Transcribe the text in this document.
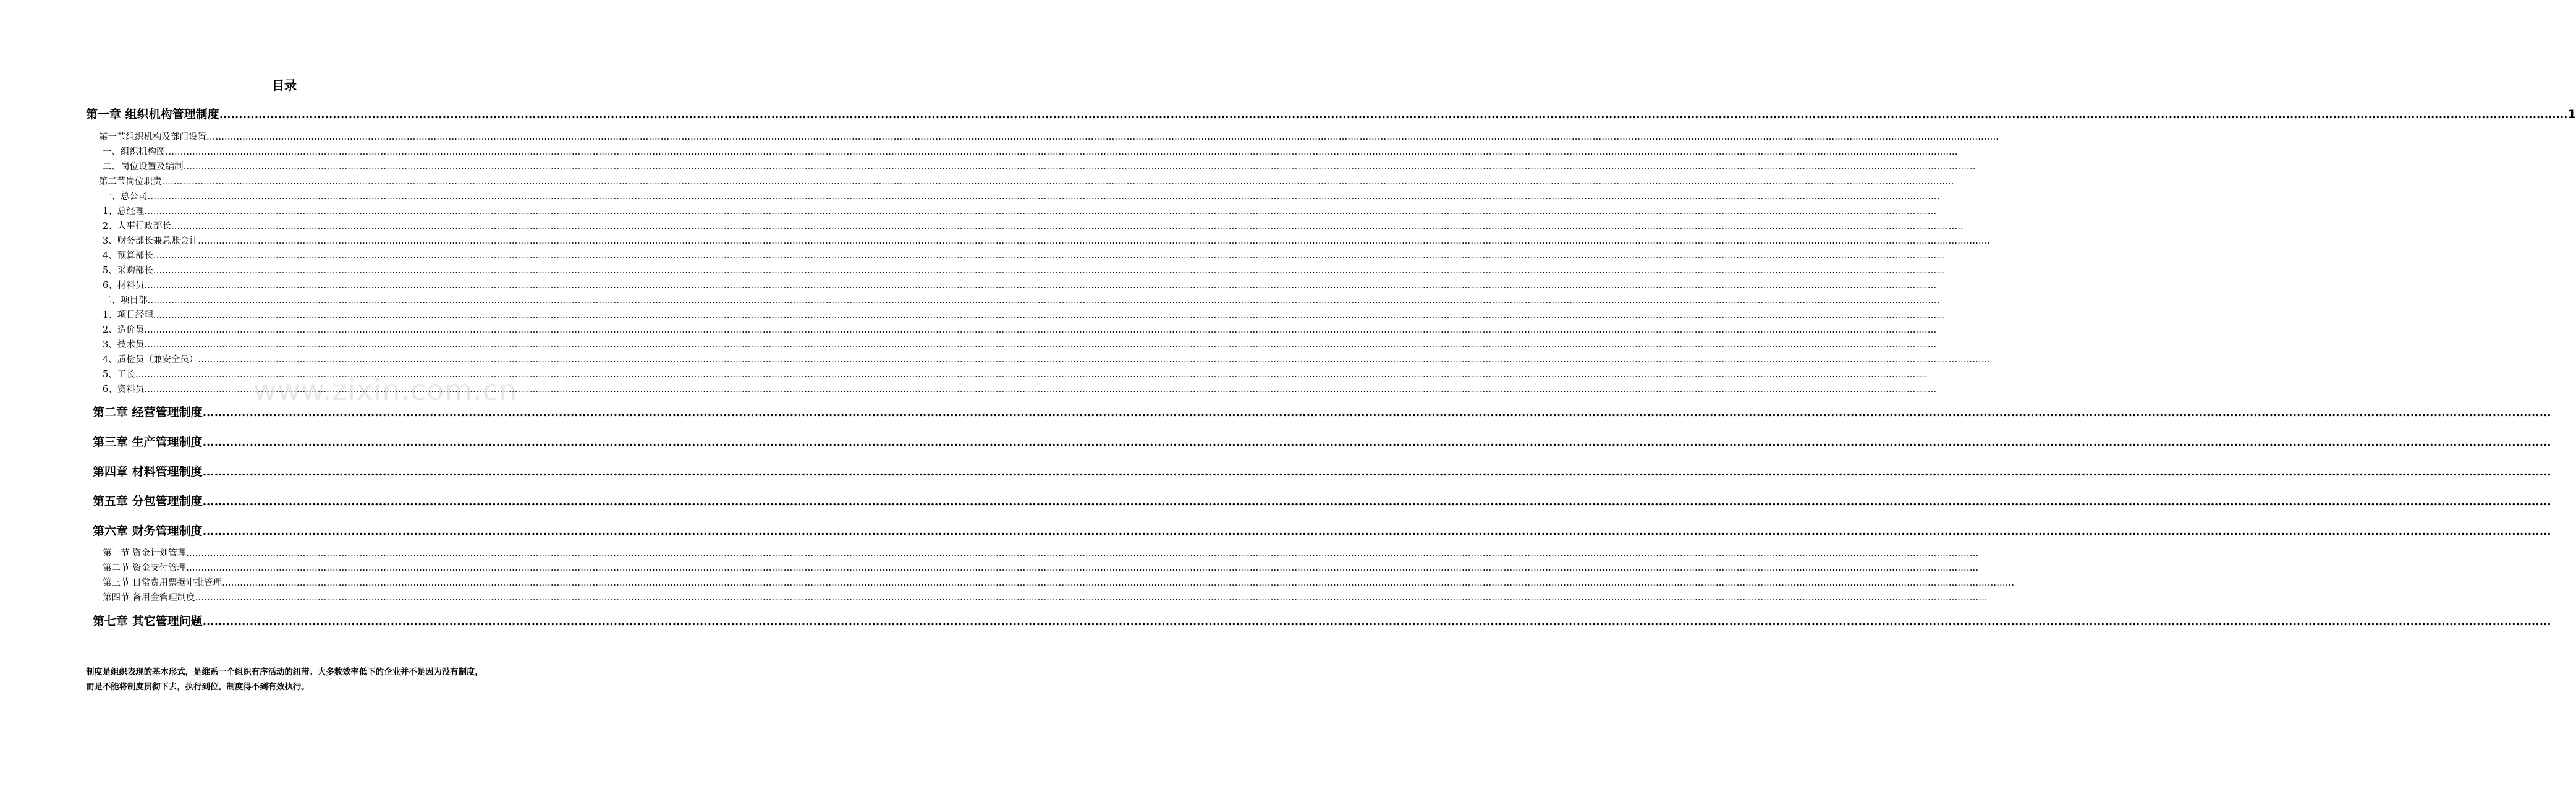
目录
第一章 组织机构管理制度 …………………………………………………………………………………………………………………………………………………………………………………………………………………………………………………………………………………………………………………………………………………………………………………………………………………………………………………………………………………………………………………………………………………… 1
第一节组织机构及部门设置 ……………………………………………………………………………………………………………………………………………………………………………………………………………………………………………………………………………………………………………………………………………………………………………………………………………………………………………………………………………………………………………………………………………………
一、组织机构图 ……………………………………………………………………………………………………………………………………………………………………………………………………………………………………………………………………………………………………………………………………………………………………………………………………………………………………………………………………………………………………………………………………………………
二、岗位设置及编制 ……………………………………………………………………………………………………………………………………………………………………………………………………………………………………………………………………………………………………………………………………………………………………………………………………………………………………………………………………………………………………………………………………………………
第二节岗位职责 ……………………………………………………………………………………………………………………………………………………………………………………………………………………………………………………………………………………………………………………………………………………………………………………………………………………………………………………………………………………………………………………………………………………
一、总公司 ……………………………………………………………………………………………………………………………………………………………………………………………………………………………………………………………………………………………………………………………………………………………………………………………………………………………………………………………………………………………………………………………………………………
1、总经理 ……………………………………………………………………………………………………………………………………………………………………………………………………………………………………………………………………………………………………………………………………………………………………………………………………………………………………………………………………………………………………………………………………………………
2、人事行政部长 ……………………………………………………………………………………………………………………………………………………………………………………………………………………………………………………………………………………………………………………………………………………………………………………………………………………………………………………………………………………………………………………………………………………
3、财务部长兼总账会计 ……………………………………………………………………………………………………………………………………………………………………………………………………………………………………………………………………………………………………………………………………………………………………………………………………………………………………………………………………………………………………………………………………………………
4、预算部长 ……………………………………………………………………………………………………………………………………………………………………………………………………………………………………………………………………………………………………………………………………………………………………………………………………………………………………………………………………………………………………………………………………………………
5、采购部长 ……………………………………………………………………………………………………………………………………………………………………………………………………………………………………………………………………………………………………………………………………………………………………………………………………………………………………………………………………………………………………………………………………………………
6、材料员 ……………………………………………………………………………………………………………………………………………………………………………………………………………………………………………………………………………………………………………………………………………………………………………………………………………………………………………………………………………………………………………………………………………………
二、项目部 ……………………………………………………………………………………………………………………………………………………………………………………………………………………………………………………………………………………………………………………………………………………………………………………………………………………………………………………………………………………………………………………………………………………
1、项目经理 ……………………………………………………………………………………………………………………………………………………………………………………………………………………………………………………………………………………………………………………………………………………………………………………………………………………………………………………………………………………………………………………………………………………
2、造价员 ……………………………………………………………………………………………………………………………………………………………………………………………………………………………………………………………………………………………………………………………………………………………………………………………………………………………………………………………………………………………………………………………………………………
3、技术员 ……………………………………………………………………………………………………………………………………………………………………………………………………………………………………………………………………………………………………………………………………………………………………………………………………………………………………………………………………………………………………………………………………………………
4、质检员（兼安全员） ……………………………………………………………………………………………………………………………………………………………………………………………………………………………………………………………………………………………………………………………………………………………………………………………………………………………………………………………………………………………………………………………………………………
5、工长 ……………………………………………………………………………………………………………………………………………………………………………………………………………………………………………………………………………………………………………………………………………………………………………………………………………………………………………………………………………………………………………………………………………………
6、资料员 ……………………………………………………………………………………………………………………………………………………………………………………………………………………………………………………………………………………………………………………………………………………………………………………………………………………………………………………………………………………………………………………………………………………
第二章 经营管理制度 ……………………………………………………………………………………………………………………………………………………………………………………………………………………………………………………………………………………………………………………………………………………………………………………………………………………………………………………………………………………………………………………………………………………
第三章 生产管理制度 ……………………………………………………………………………………………………………………………………………………………………………………………………………………………………………………………………………………………………………………………………………………………………………………………………………………………………………………………………………………………………………………………………………………
第四章 材料管理制度 ……………………………………………………………………………………………………………………………………………………………………………………………………………………………………………………………………………………………………………………………………………………………………………………………………………………………………………………………………………………………………………………………………………………
第五章 分包管理制度 ……………………………………………………………………………………………………………………………………………………………………………………………………………………………………………………………………………………………………………………………………………………………………………………………………………………………………………………………………………………………………………………………………………………
第六章 财务管理制度 ……………………………………………………………………………………………………………………………………………………………………………………………………………………………………………………………………………………………………………………………………………………………………………………………………………………………………………………………………………………………………………………………………………………
第一节 资金计划管理 ……………………………………………………………………………………………………………………………………………………………………………………………………………………………………………………………………………………………………………………………………………………………………………………………………………………………………………………………………………………………………………………………………………………
第二节 资金支付管理 ……………………………………………………………………………………………………………………………………………………………………………………………………………………………………………………………………………………………………………………………………………………………………………………………………………………………………………………………………………………………………………………………………………………
第三节 日常费用票据审批管理 ……………………………………………………………………………………………………………………………………………………………………………………………………………………………………………………………………………………………………………………………………………………………………………………………………………………………………………………………………………………………………………………………………………………
第四节 备用金管理制度 ……………………………………………………………………………………………………………………………………………………………………………………………………………………………………………………………………………………………………………………………………………………………………………………………………………………………………………………………………………………………………………………………………………………
第七章 其它管理问题 ……………………………………………………………………………………………………………………………………………………………………………………………………………………………………………………………………………………………………………………………………………………………………………………………………………………………………………………………………………………………………………………………………………………
www.zixin.com.cn

制度是组织表现的基本形式，是维系一个组织有序活动的纽带。大多数效率低下的企业并不是因为没有制度，而是不能将制度贯彻下去，执行到位。制度得不到有效执行。
